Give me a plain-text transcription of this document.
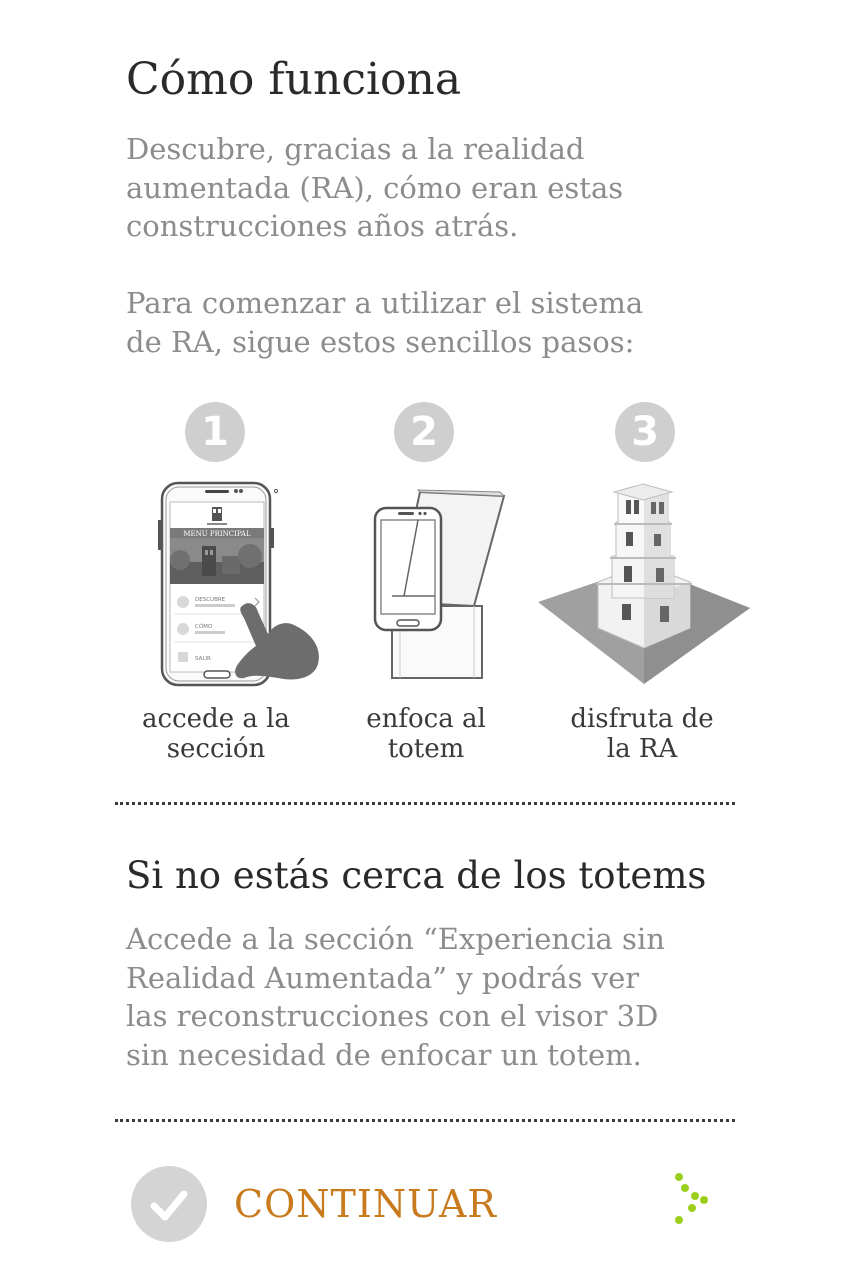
Cómo funciona

Descubre, gracias a la realidad
aumentada (RA), cómo eran estas
construcciones años atrás.

Para comenzar a utilizar el sistema
de RA, sigue estos sencillos pasos:

1
MENU PRINCIPAL
DESCUBRE
CÓMO
SALIR
accede a la
sección
2
enfoca al
totem
3
disfruta de
la RA
Si no estás cerca de los totems

Accede a la sección “Experiencia sin
Realidad Aumentada” y podrás ver
las reconstrucciones con el visor 3D
sin necesidad de enfocar un totem.

CONTINUAR
